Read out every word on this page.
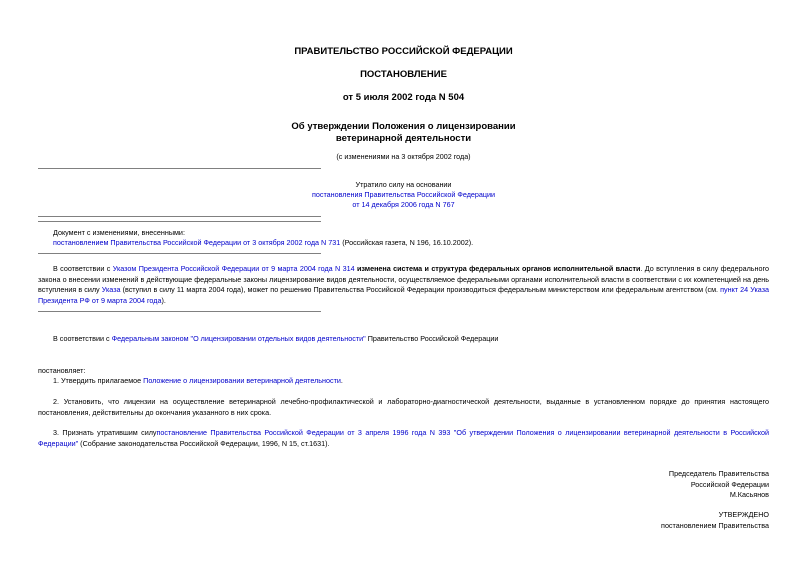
ПРАВИТЕЛЬСТВО РОССИЙСКОЙ ФЕДЕРАЦИИ
ПОСТАНОВЛЕНИЕ
от 5 июля 2002 года N 504
Об утверждении Положения о лицензировании
ветеринарной деятельности
(с изменениями на 3 октября 2002 года)
Утратило силу на основании
постановления Правительства Российской Федерации
от 14 декабря 2006 года N 767
Документ с изменениями, внесенными:
постановлением Правительства Российской Федерации от 3 октября 2002 года N 731 (Российская газета, N 196, 16.10.2002).
В соответствии с Указом Президента Российской Федерации от 9 марта 2004 года N 314 изменена система и структура федеральных органов исполнительной власти. До вступления в силу федерального закона о внесении изменений в действующие федеральные законы лицензирование видов деятельности, осуществляемое федеральными органами исполнительной власти в соответствии с их компетенцией на день вступления в силу Указа (вступил в силу 11 марта 2004 года), может по решению Правительства Российской Федерации производиться федеральным министерством или федеральным агентством (см. пункт 24 Указа Президента РФ от 9 марта 2004 года).
В соответствии с Федеральным законом "О лицензировании отдельных видов деятельности" Правительство Российской Федерации
постановляет:
1. Утвердить прилагаемое Положение о лицензировании ветеринарной деятельности.
2. Установить, что лицензии на осуществление ветеринарной лечебно-профилактической и лабораторно-диагностической деятельности, выданные в установленном порядке до принятия настоящего постановления, действительны до окончания указанного в них срока.
3. Признать утратившим силупостановление Правительства Российской Федерации от 3 апреля 1996 года N 393 "Об утверждении Положения о лицензировании ветеринарной деятельности в Российской Федерации" (Собрание законодательства Российской Федерации, 1996, N 15, ст.1631).
Председатель Правительства
Российской Федерации
М.Касьянов
УТВЕРЖДЕНО
постановлением Правительства
